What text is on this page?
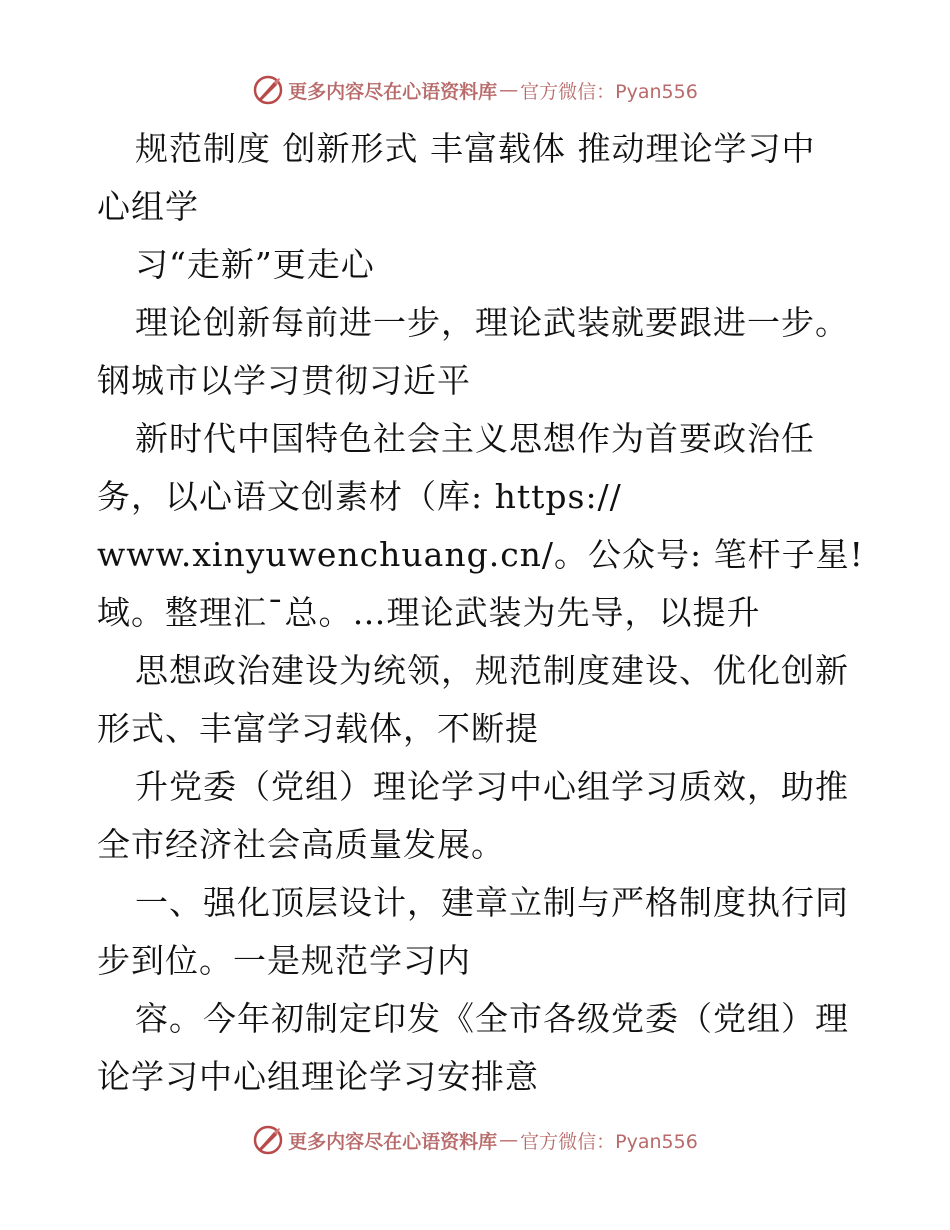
更多内容尽在心语资料库 — 官方微信：Pyan556
规范制度 创新形式 丰富载体 推动理论学习中
心组学
习“走新”更走心
理论创新每前进一步，理论武装就要跟进一步。
钢城市以学习贯彻习近平
新时代中国特色社会主义思想作为首要政治任
务，以心语文创素材（库: https://
www.xinyuwenchuang.cn/。公众号: 笔杆子星!
域。整理汇¯总。…理论武装为先导，以提升
思想政治建设为统领，规范制度建设、优化创新
形式、丰富学习载体，不断提
升党委（党组）理论学习中心组学习质效，助推
全市经济社会高质量发展。
一、强化顶层设计，建章立制与严格制度执行同
步到位。一是规范学习内
容。今年初制定印发《全市各级党委（党组）理
论学习中心组理论学习安排意
更多内容尽在心语资料库 — 官方微信：Pyan556
